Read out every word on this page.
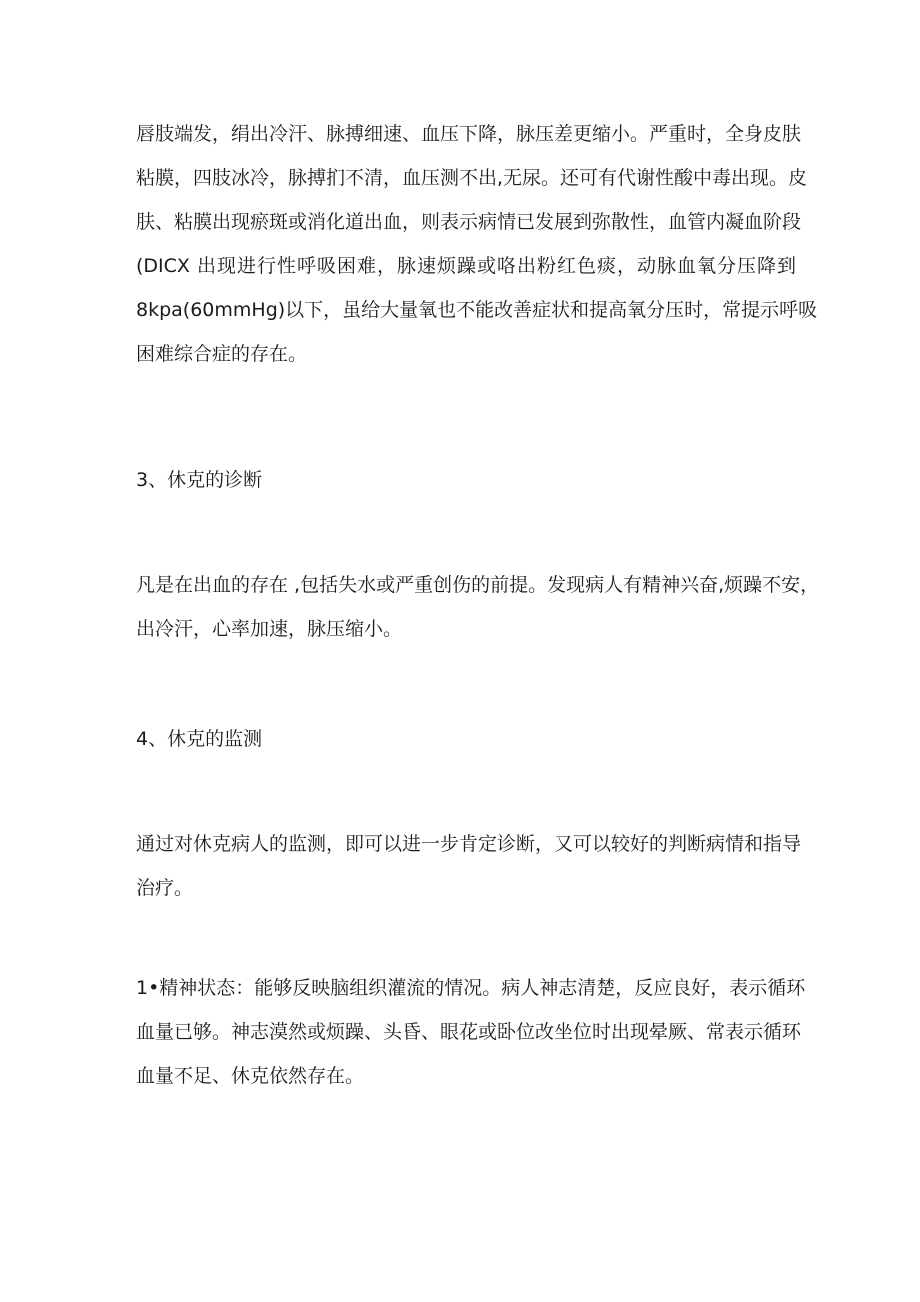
唇肢端发，绢出冷汗、脉搏细速、血压下降，脉压差更缩小。严重时，全身皮肤
粘膜，四肢冰冷，脉搏扪不清，血压测不出,无尿。还可有代谢性酸中毒出现。皮
肤、粘膜出现瘀斑或消化道出血，则表示病情已发展到弥散性，血管内凝血阶段
(DICX 出现进行性呼吸困难，脉速烦躁或咯出粉红色痰，动脉血氧分压降到
8kpa(60mmHg)以下，虽给大量氧也不能改善症状和提高氧分压时，常提示呼吸
困难综合症的存在。

3、休克的诊断

凡是在出血的存在 ,包括失水或严重创伤的前提。发现病人有精神兴奋,烦躁不安，
出冷汗，心率加速，脉压缩小。

4、休克的监测

通过对休克病人的监测，即可以进一步肯定诊断，又可以较好的判断病情和指导
治疗。

1•精神状态：能够反映脑组织灌流的情况。病人神志清楚，反应良好，表示循环
血量已够。神志漠然或烦躁、头昏、眼花或卧位改坐位时出现晕厥、常表示循环
血量不足、休克依然存在。
